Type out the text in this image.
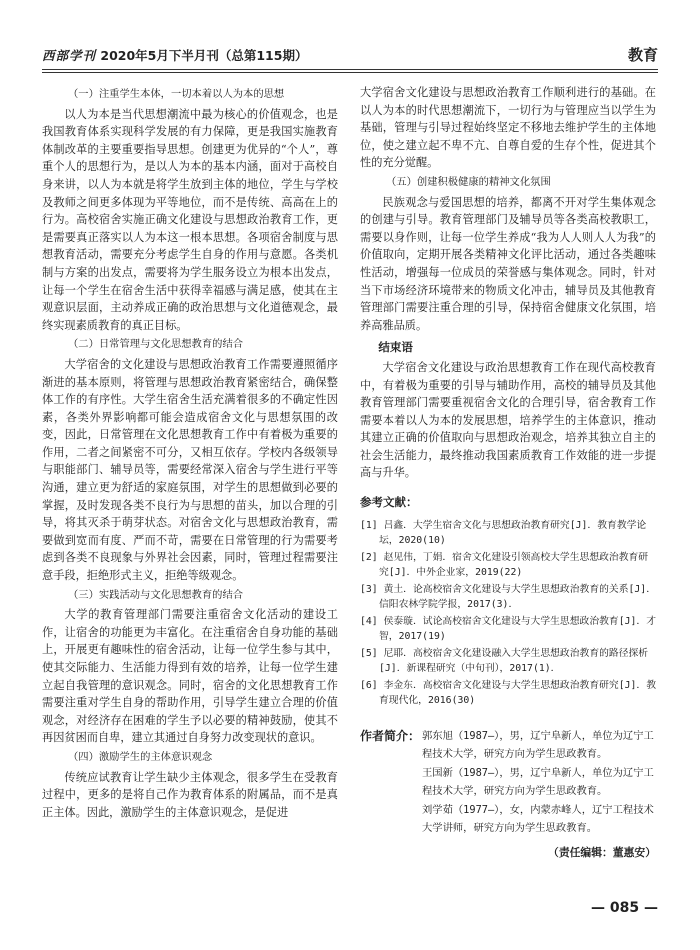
西部学刊 2020年5月下半月刊（总第115期）	教育

（一）注重学生本体，一切本着以人为本的思想

以人为本是当代思想潮流中最为核心的价值观念，也是我国教育体系实现科学发展的有力保障，更是我国实施教育体制改革的主要重要指导思想。创建更为优异的“个人”，尊重个人的思想行为，是以人为本的基本内涵，面对于高校自身来讲，以人为本就是将学生放到主体的地位，学生与学校及教师之间更多体现为平等地位，而不是传统、高高在上的行为。高校宿舍实施正确文化建设与思想政治教育工作，更是需要真正落实以人为本这一根本思想。各项宿舍制度与思想教育活动，需要充分考虑学生自身的作用与意愿。各类机制与方案的出发点，需要将为学生服务设立为根本出发点，让每一个学生在宿舍生活中获得幸福感与满足感，使其在主观意识层面，主动养成正确的政治思想与文化道德观念，最终实现素质教育的真正目标。

（二）日常管理与文化思想教育的结合

大学宿舍的文化建设与思想政治教育工作需要遵照循序渐进的基本原则，将管理与思想政治教育紧密结合，确保整体工作的有序性。大学生宿舍生活充满着很多的不确定性因素，各类外界影响都可能会造成宿舍文化与思想氛围的改变，因此，日常管理在文化思想教育工作中有着极为重要的作用，二者之间紧密不可分，又相互依存。学校内各级领导与职能部门、辅导员等，需要经常深入宿舍与学生进行平等沟通，建立更为舒适的家庭氛围，对学生的思想做到必要的掌握，及时发现各类不良行为与思想的苗头，加以合理的引导，将其灭杀于萌芽状态。对宿舍文化与思想政治教育，需要做到宽而有度、严而不苛，需要在日常管理的行为需要考虑到各类不良现象与外界社会因素，同时，管理过程需要注意手段，拒绝形式主义，拒绝等级观念。

（三）实践活动与文化思想教育的结合

大学的教育管理部门需要注重宿舍文化活动的建设工作，让宿舍的功能更为丰富化。在注重宿舍自身功能的基础上，开展更有趣味性的宿舍活动，让每一位学生参与其中，使其交际能力、生活能力得到有效的培养，让每一位学生建立起自我管理的意识观念。同时，宿舍的文化思想教育工作需要注重对学生自身的帮助作用，引导学生建立合理的价值观念，对经济存在困难的学生予以必要的精神鼓励，使其不再因贫困而自卑，建立其通过自身努力改变现状的意识。

（四）激励学生的主体意识观念

传统应试教育让学生缺少主体观念，很多学生在受教育过程中，更多的是将自己作为教育体系的附属品，而不是真正主体。因此，激励学生的主体意识观念，是促进

大学宿舍文化建设与思想政治教育工作顺利进行的基础。在以人为本的时代思想潮流下，一切行为与管理应当以学生为基础，管理与引导过程始终坚定不移地去维护学生的主体地位，使之建立起不卑不亢、自尊自爱的生存个性，促进其个性的充分觉醒。

（五）创建积极健康的精神文化氛围

民族观念与爱国思想的培养，都离不开对学生集体观念的创建与引导。教育管理部门及辅导员等各类高校教职工，需要以身作则，让每一位学生养成“我为人人则人人为我”的价值取向，定期开展各类精神文化评比活动，通过各类趣味性活动，增强每一位成员的荣誉感与集体观念。同时，针对当下市场经济环境带来的物质文化冲击，辅导员及其他教育管理部门需要注重合理的引导，保持宿舍健康文化氛围，培养高雅品质。

结束语

大学宿舍文化建设与政治思想教育工作在现代高校教育中，有着极为重要的引导与辅助作用，高校的辅导员及其他教育管理部门需要重视宿舍文化的合理引导，宿舍教育工作需要本着以人为本的发展思想，培养学生的主体意识，推动其建立正确的价值取向与思想政治观念，培养其独立自主的社会生活能力，最终推动我国素质教育工作效能的进一步提高与升华。

参考文献：
[1] 吕鑫．大学生宿舍文化与思想政治教育研究[J]．教育教学论坛，2020(10)
[2] 赵见伟，丁娟．宿舍文化建设引领高校大学生思想政治教育研究[J]．中外企业家，2019(22)
[3] 黄土．论高校宿舍文化建设与大学生思想政治教育的关系[J]．信阳农林学院学报，2017(3)．
[4] 侯泰璇．试论高校宿舍文化建设与大学生思想政治教育[J]．才智，2017(19)
[5] 尼耶．高校宿舍文化建设融入大学生思想政治教育的路径探析[J]．新课程研究（中旬刊），2017(1)．
[6] 李金东．高校宿舍文化建设与大学生思想政治教育研究[J]．教育现代化，2016(30)
作者简介： 郭东旭（1987—），男，辽宁阜新人，单位为辽宁工程技术大学，研究方向为学生思政教育。
王国新（1987—），男，辽宁阜新人，单位为辽宁工程技术大学，研究方向为学生思政教育。
刘学茹（1977—），女，内蒙赤峰人，辽宁工程技术大学讲师，研究方向为学生思政教育。
（责任编辑：董惠安）
— 085 —
